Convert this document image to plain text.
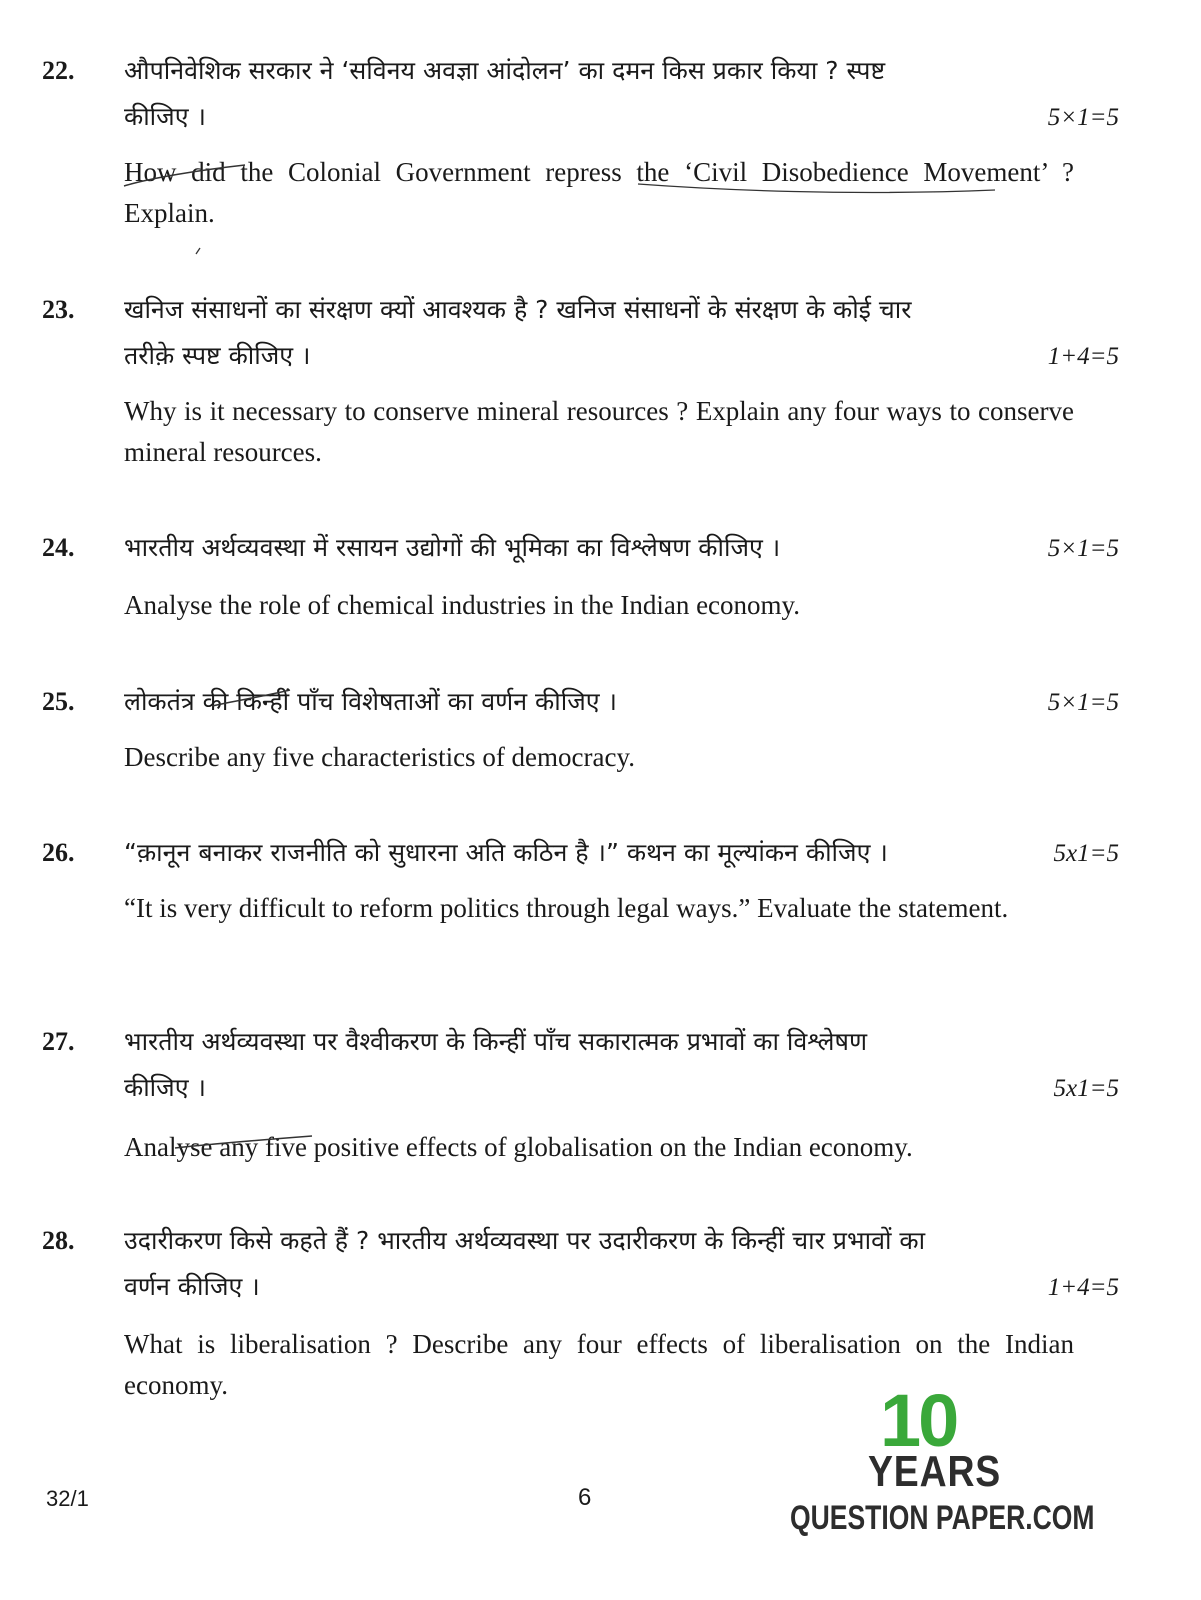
22. औपनिवेशिक सरकार ने ‘सविनय अवज्ञा आंदोलन’ का दमन किस प्रकार किया ? स्पष्ट
कीजिए ।	5×1=5
How did the Colonial Government repress the ‘Civil Disobedience Movement’ ? Explain.
23. खनिज संसाधनों का संरक्षण क्यों आवश्यक है ? खनिज संसाधनों के संरक्षण के कोई चार
तरीक़े स्पष्ट कीजिए ।	1+4=5
Why is it necessary to conserve mineral resources ? Explain any four ways to conserve mineral resources.
24. भारतीय अर्थव्यवस्था में रसायन उद्योगों की भूमिका का विश्लेषण कीजिए ।	5×1=5
Analyse the role of chemical industries in the Indian economy.
25. लोकतंत्र की किन्हीं पाँच विशेषताओं का वर्णन कीजिए ।	5×1=5
Describe any five characteristics of democracy.
26. “क़ानून बनाकर राजनीति को सुधारना अति कठिन है ।” कथन का मूल्यांकन कीजिए ।	5x1=5
“It is very difficult to reform politics through legal ways.” Evaluate the statement.
27. भारतीय अर्थव्यवस्था पर वैश्वीकरण के किन्हीं पाँच सकारात्मक प्रभावों का विश्लेषण
कीजिए ।	5x1=5
Analyse any five positive effects of globalisation on the Indian economy.
28. उदारीकरण किसे कहते हैं ? भारतीय अर्थव्यवस्था पर उदारीकरण के किन्हीं चार प्रभावों का
वर्णन कीजिए ।	1+4=5
What is liberalisation ? Describe any four effects of liberalisation on the Indian economy.
32/1	6
10
YEARS
QUESTION PAPER.COM
